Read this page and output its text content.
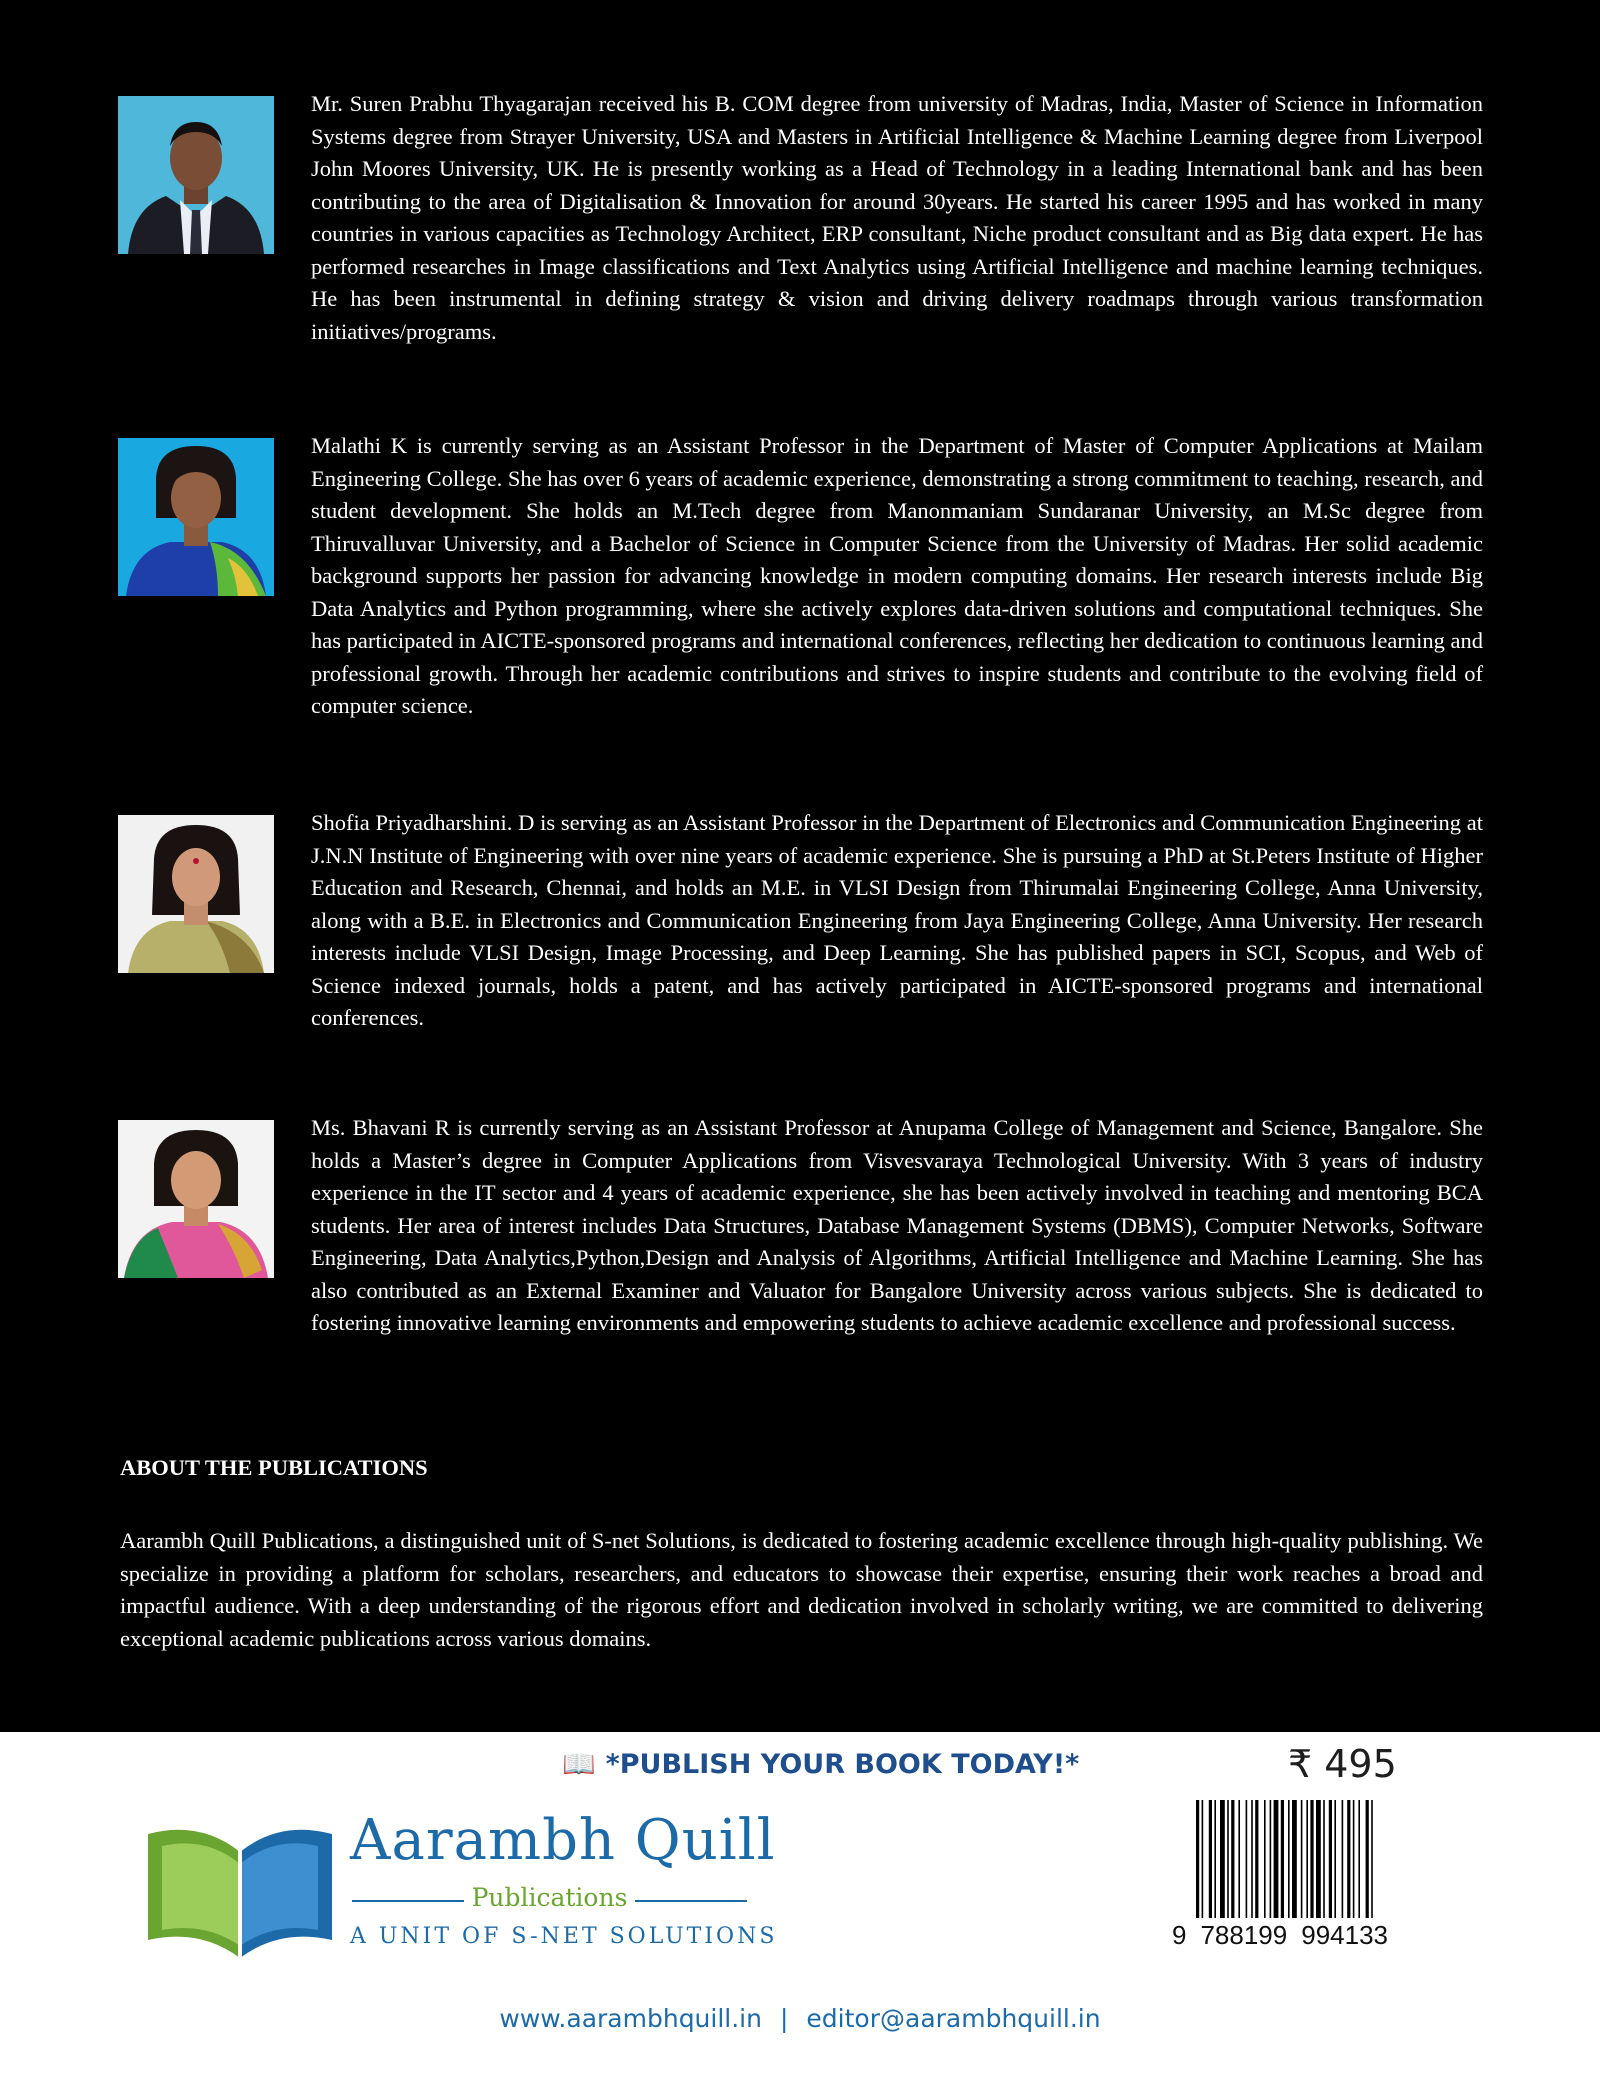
Mr. Suren Prabhu Thyagarajan received his B. COM degree from university of Madras, India, Master of Science in Information Systems degree from Strayer University, USA and Masters in Artificial Intelligence & Machine Learning degree from Liverpool John Moores University, UK. He is presently working as a Head of Technology in a leading International bank and has been contributing to the area of Digitalisation & Innovation for around 30years. He started his career 1995 and has worked in many countries in various capacities as Technology Architect, ERP consultant, Niche product consultant and as Big data expert. He has performed researches in Image classifications and Text Analytics using Artificial Intelligence and machine learning techniques. He has been instrumental in defining strategy & vision and driving delivery roadmaps through various transformation initiatives/programs.

Malathi K is currently serving as an Assistant Professor in the Department of Master of Computer Applications at Mailam Engineering College. She has over 6 years of academic experience, demonstrating a strong commitment to teaching, research, and student development. She holds an M.Tech degree from Manonmaniam Sundaranar University, an M.Sc degree from Thiruvalluvar University, and a Bachelor of Science in Computer Science from the University of Madras. Her solid academic background supports her passion for advancing knowledge in modern computing domains. Her research interests include Big Data Analytics and Python programming, where she actively explores data-driven solutions and computational techniques. She has participated in AICTE-sponsored programs and international conferences, reflecting her dedication to continuous learning and professional growth. Through her academic contributions and strives to inspire students and contribute to the evolving field of computer science.

Shofia Priyadharshini. D is serving as an Assistant Professor in the Department of Electronics and Communication Engineering at J.N.N Institute of Engineering with over nine years of academic experience. She is pursuing a PhD at St.Peters Institute of Higher Education and Research, Chennai, and holds an M.E. in VLSI Design from Thirumalai Engineering College, Anna University, along with a B.E. in Electronics and Communication Engineering from Jaya Engineering College, Anna University. Her research interests include VLSI Design, Image Processing, and Deep Learning. She has published papers in SCI, Scopus, and Web of Science indexed journals, holds a patent, and has actively participated in AICTE-sponsored programs and international conferences.

Ms. Bhavani R is currently serving as an Assistant Professor at Anupama College of Management and Science, Bangalore. She holds a Master’s degree in Computer Applications from Visvesvaraya Technological University. With 3 years of industry experience in the IT sector and 4 years of academic experience, she has been actively involved in teaching and mentoring BCA students. Her area of interest includes Data Structures, Database Management Systems (DBMS), Computer Networks, Software Engineering, Data Analytics,Python,Design and Analysis of Algorithms, Artificial Intelligence and Machine Learning. She has also contributed as an External Examiner and Valuator for Bangalore University across various subjects. She is dedicated to fostering innovative learning environments and empowering students to achieve academic excellence and professional success.

ABOUT THE PUBLICATIONS

Aarambh Quill Publications, a distinguished unit of S-net Solutions, is dedicated to fostering academic excellence through high-quality publishing. We specialize in providing a platform for scholars, researchers, and educators to showcase their expertise, ensuring their work reaches a broad and impactful audience. With a deep understanding of the rigorous effort and dedication involved in scholarly writing, we are committed to delivering exceptional academic publications across various domains.

📖 *PUBLISH YOUR BOOK TODAY!*	₹ 495
Aarambh Quill
Publications
A UNIT OF S-NET SOLUTIONS	9 788199 994133
www.aarambhquill.in | editor@aarambhquill.in
